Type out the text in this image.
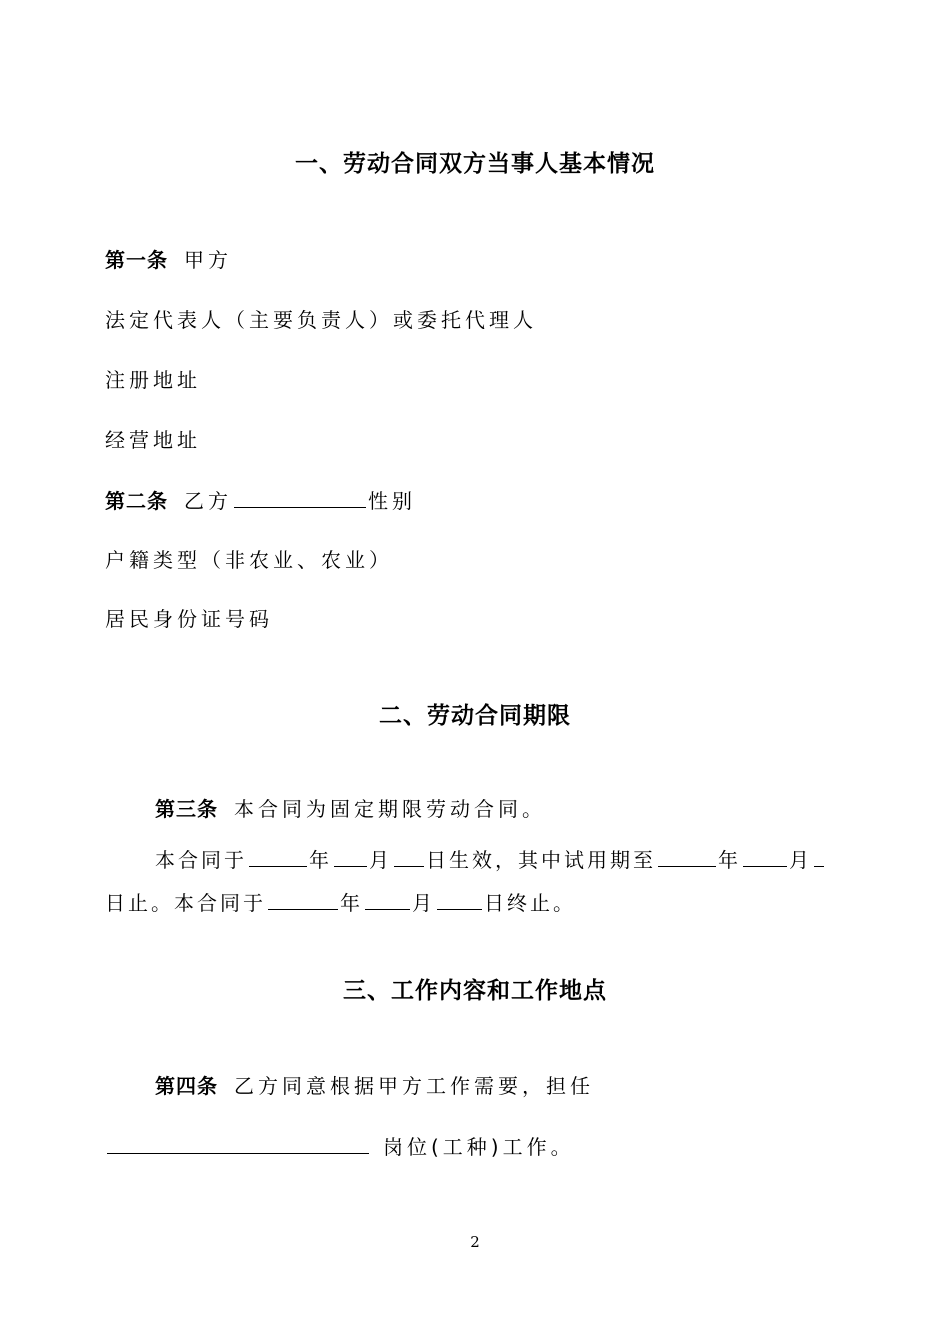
一、劳动合同双方当事人基本情况
第一条 甲方
法定代表人（主要负责人）或委托代理人
注册地址
经营地址
第二条 乙方	性别
户籍类型（非农业、农业）
居民身份证号码
二、劳动合同期限
第三条 本合同为固定期限劳动合同。
本合同于	年 月 日生效，其中试用期至	年 月
日止。本合同于	年 月 日终止。
三、工作内容和工作地点
第四条 乙方同意根据甲方工作需要，担任
岗位(工种)工作。
2
